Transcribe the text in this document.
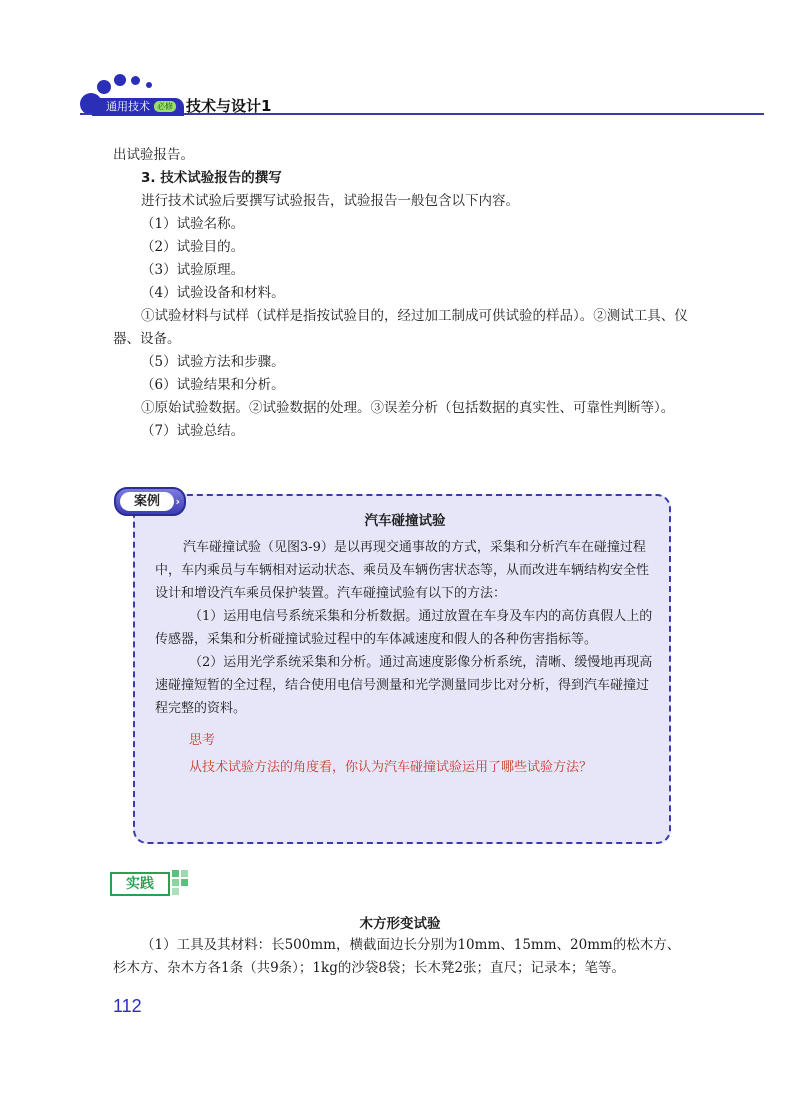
通用技术 必修 技术与设计1

出试验报告。

3. 技术试验报告的撰写

进行技术试验后要撰写试验报告，试验报告一般包含以下内容。

（1）试验名称。

（2）试验目的。

（3）试验原理。

（4）试验设备和材料。

①试验材料与试样（试样是指按试验目的，经过加工制成可供试验的样品）。②测试工具、仪器、设备。

（5）试验方法和步骤。

（6）试验结果和分析。

①原始试验数据。②试验数据的处理。③误差分析（包括数据的真实性、可靠性判断等）。

（7）试验总结。

案例	›

汽车碰撞试验

汽车碰撞试验（见图3-9）是以再现交通事故的方式，采集和分析汽车在碰撞过程中，车内乘员与车辆相对运动状态、乘员及车辆伤害状态等，从而改进车辆结构安全性设计和增设汽车乘员保护装置。汽车碰撞试验有以下的方法：

（1）运用电信号系统采集和分析数据。通过放置在车身及车内的高仿真假人上的传感器，采集和分析碰撞试验过程中的车体减速度和假人的各种伤害指标等。

（2）运用光学系统采集和分析。通过高速度影像分析系统，清晰、缓慢地再现高速碰撞短暂的全过程，结合使用电信号测量和光学测量同步比对分析，得到汽车碰撞过程完整的资料。

思考

从技术试验方法的角度看，你认为汽车碰撞试验运用了哪些试验方法？

实践
木方形变试验

（1）工具及其材料：长500mm，横截面边长分别为10mm、15mm、20mm的松木方、杉木方、杂木方各1条（共9条）；1kg的沙袋8袋；长木凳2张；直尺；记录本；笔等。

112
